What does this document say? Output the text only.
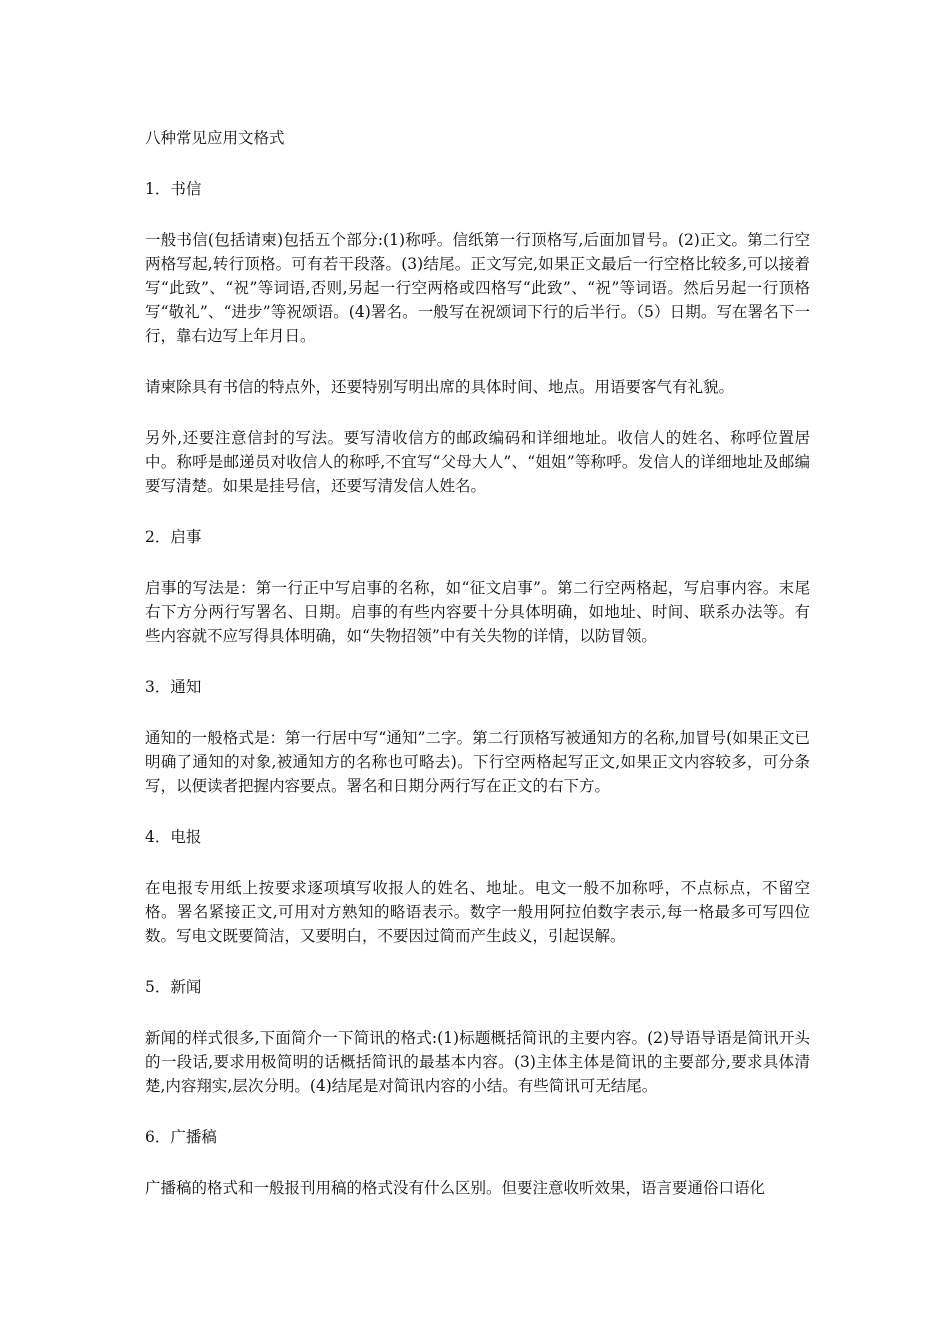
八种常见应用文格式
1．书信
一般书信(包括请柬)包括五个部分:(1)称呼。信纸第一行顶格写,后面加冒号。(2)正文。第二行空两格写起,转行顶格。可有若干段落。(3)结尾。正文写完,如果正文最后一行空格比较多,可以接着写“此致”、“祝”等词语,否则,另起一行空两格或四格写“此致”、“祝”等词语。然后另起一行顶格写“敬礼”、“进步”等祝颂语。(4)署名。一般写在祝颂词下行的后半行。（5）日期。写在署名下一行，靠右边写上年月日。
请柬除具有书信的特点外，还要特别写明出席的具体时间、地点。用语要客气有礼貌。
另外,还要注意信封的写法。要写清收信方的邮政编码和详细地址。收信人的姓名、称呼位置居中。称呼是邮递员对收信人的称呼,不宜写“父母大人”、“姐姐”等称呼。发信人的详细地址及邮编要写清楚。如果是挂号信，还要写清发信人姓名。
2．启事
启事的写法是：第一行正中写启事的名称，如“征文启事”。第二行空两格起，写启事内容。末尾右下方分两行写署名、日期。启事的有些内容要十分具体明确，如地址、时间、联系办法等。有些内容就不应写得具体明确，如“失物招领”中有关失物的详情，以防冒领。
3．通知
通知的一般格式是：第一行居中写“通知”二字。第二行顶格写被通知方的名称,加冒号(如果正文已明确了通知的对象,被通知方的名称也可略去)。下行空两格起写正文,如果正文内容较多，可分条写，以便读者把握内容要点。署名和日期分两行写在正文的右下方。
4．电报
在电报专用纸上按要求逐项填写收报人的姓名、地址。电文一般不加称呼，不点标点，不留空格。署名紧接正文,可用对方熟知的略语表示。数字一般用阿拉伯数字表示,每一格最多可写四位数。写电文既要简洁，又要明白，不要因过简而产生歧义，引起误解。
5．新闻
新闻的样式很多,下面简介一下简讯的格式:(1)标题概括简讯的主要内容。(2)导语导语是简讯开头的一段话,要求用极简明的话概括简讯的最基本内容。(3)主体主体是简讯的主要部分,要求具体清楚,内容翔实,层次分明。(4)结尾是对简讯内容的小结。有些简讯可无结尾。
6．广播稿
广播稿的格式和一般报刊用稿的格式没有什么区别。但要注意收听效果，语言要通俗口语化
